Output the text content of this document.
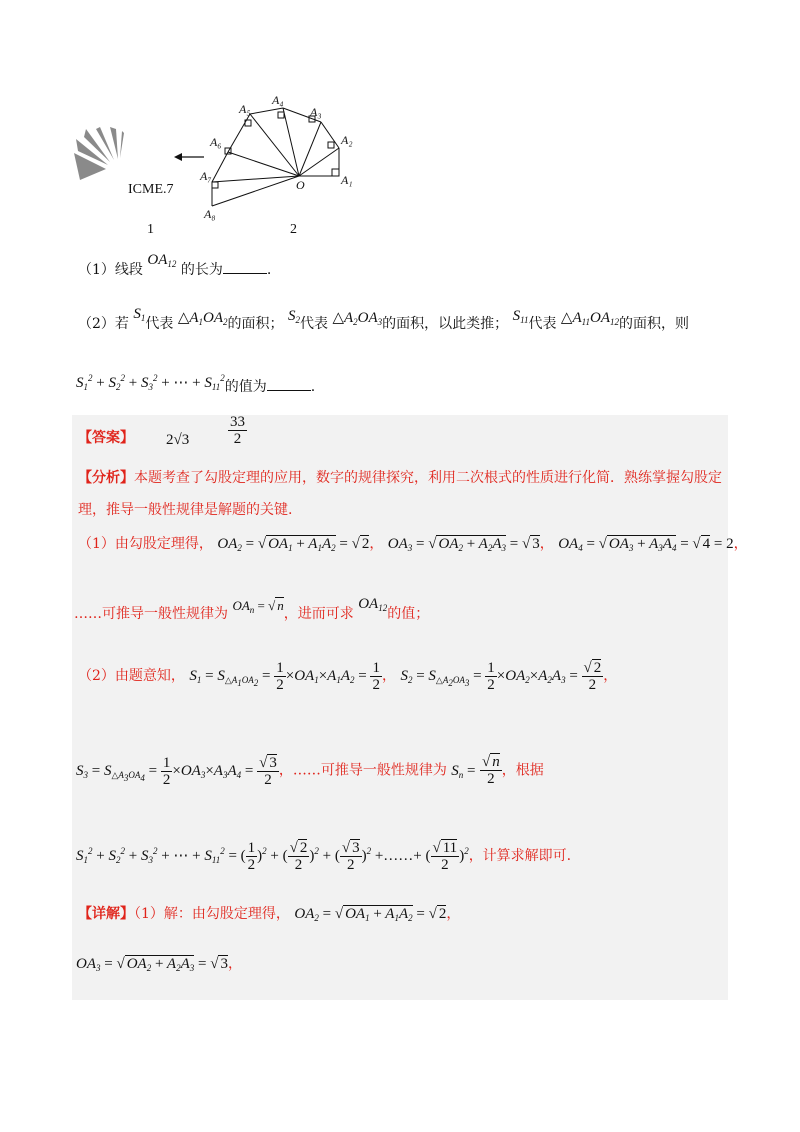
ICME.7
1
A₄
A₅	A₃
A₆	A₂
A₇
O	A₁
A₈
2
（1）线段 $OA_{12}$ 的长为	.
（2）若 $S_1$代表 $\triangle A_1OA_2$的面积； $S_2$代表 $\triangle A_2OA_3$的面积，以此类推； $S_{11}$代表 $\triangle A_{11}OA_{12}$的面积，则
$S_1^2 + S_2^2 + S_3^2$ + ⋯ + $S_{11}^2$的值为	.
【答案】 2√3	$\frac{33}{2}$
【分析】本题考查了勾股定理的应用，数字的规律探究，利用二次根式的性质进行化简．熟练掌握勾股定
理，推导一般性规律是解题的关键.
（1）由勾股定理得， $OA_2$ = √ $OA_1 + A_1A_2$ = √ 2， $OA_3$ = √ $OA_2 + A_2A_3$ = √ 3， $OA_4$ = √ $OA_3 + A_3A_4$ = √ 4 = 2，
……可推导一般性规律为 $OA_n$ = √ n，进而可求 $OA_{12}$的值；
（2）由题意知， $S_1 = S_{\triangle A_1OA_2} = \frac{1}{2} \times OA_1\times A_1A_2 = \frac{1}{2}$ ， $S_2 = S_{\triangle A_2OA_3} = \frac{1}{2} \times OA_2\times A_2A_3 = \frac{√ 2}{2}$ ，
$S_3 = S_{\triangle A_3OA_4} = \frac{1}{2} \times OA_3\times A_3A_4 = \frac{√ 3}{2}$ ，……可推导一般性规律为 $S_n = \frac{√ n}{2}$ ，根据
$S_1^2 + S_2^2 + S_3^2$ + ⋯ + $S_{11}^2$ = ( $\frac{1}{2} )^2$ + ( $\frac{√ 2}{2} )^2$ + ( $\frac{√ 3}{2} )^2$ +……+ ( $\frac{√ 11}{2} )^2$，计算求解即可.
【详解】（1）解：由勾股定理得， $OA_2$ = √ $OA_1 + A_1A_2$ = √ 2，
$OA_3$ = √ $OA_2 + A_2A_3$ = √ 3，
